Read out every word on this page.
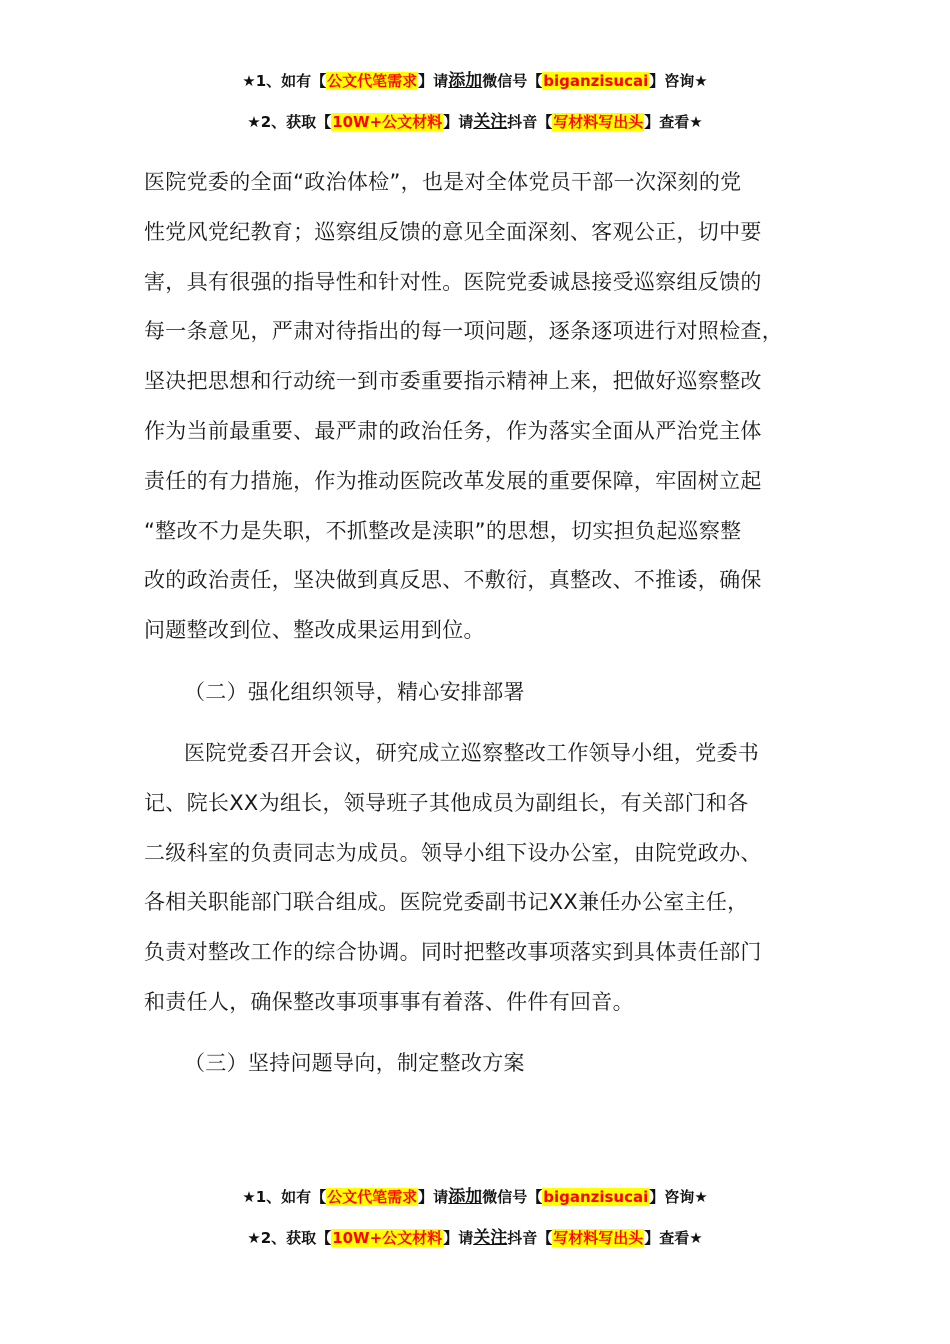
★1、如有【公文代笔需求】请添加微信号【biganzisucai】咨询★
★2、获取【10W+公文材料】请关注抖音【写材料写出头】查看★
医院党委的全面“政治体检”，也是对全体党员干部一次深刻的党
性党风党纪教育；巡察组反馈的意见全面深刻、客观公正，切中要
害，具有很强的指导性和针对性。医院党委诚恳接受巡察组反馈的
每一条意见，严肃对待指出的每一项问题，逐条逐项进行对照检查，
坚决把思想和行动统一到市委重要指示精神上来，把做好巡察整改
作为当前最重要、最严肃的政治任务，作为落实全面从严治党主体
责任的有力措施，作为推动医院改革发展的重要保障，牢固树立起
“整改不力是失职，不抓整改是渎职”的思想，切实担负起巡察整
改的政治责任，坚决做到真反思、不敷衍，真整改、不推诿，确保
问题整改到位、整改成果运用到位。
（二）强化组织领导，精心安排部署
医院党委召开会议，研究成立巡察整改工作领导小组，党委书
记、院长XX为组长，领导班子其他成员为副组长，有关部门和各
二级科室的负责同志为成员。领导小组下设办公室，由院党政办、
各相关职能部门联合组成。医院党委副书记XX兼任办公室主任，
负责对整改工作的综合协调。同时把整改事项落实到具体责任部门
和责任人，确保整改事项事事有着落、件件有回音。
（三）坚持问题导向，制定整改方案
★1、如有【公文代笔需求】请添加微信号【biganzisucai】咨询★
★2、获取【10W+公文材料】请关注抖音【写材料写出头】查看★
